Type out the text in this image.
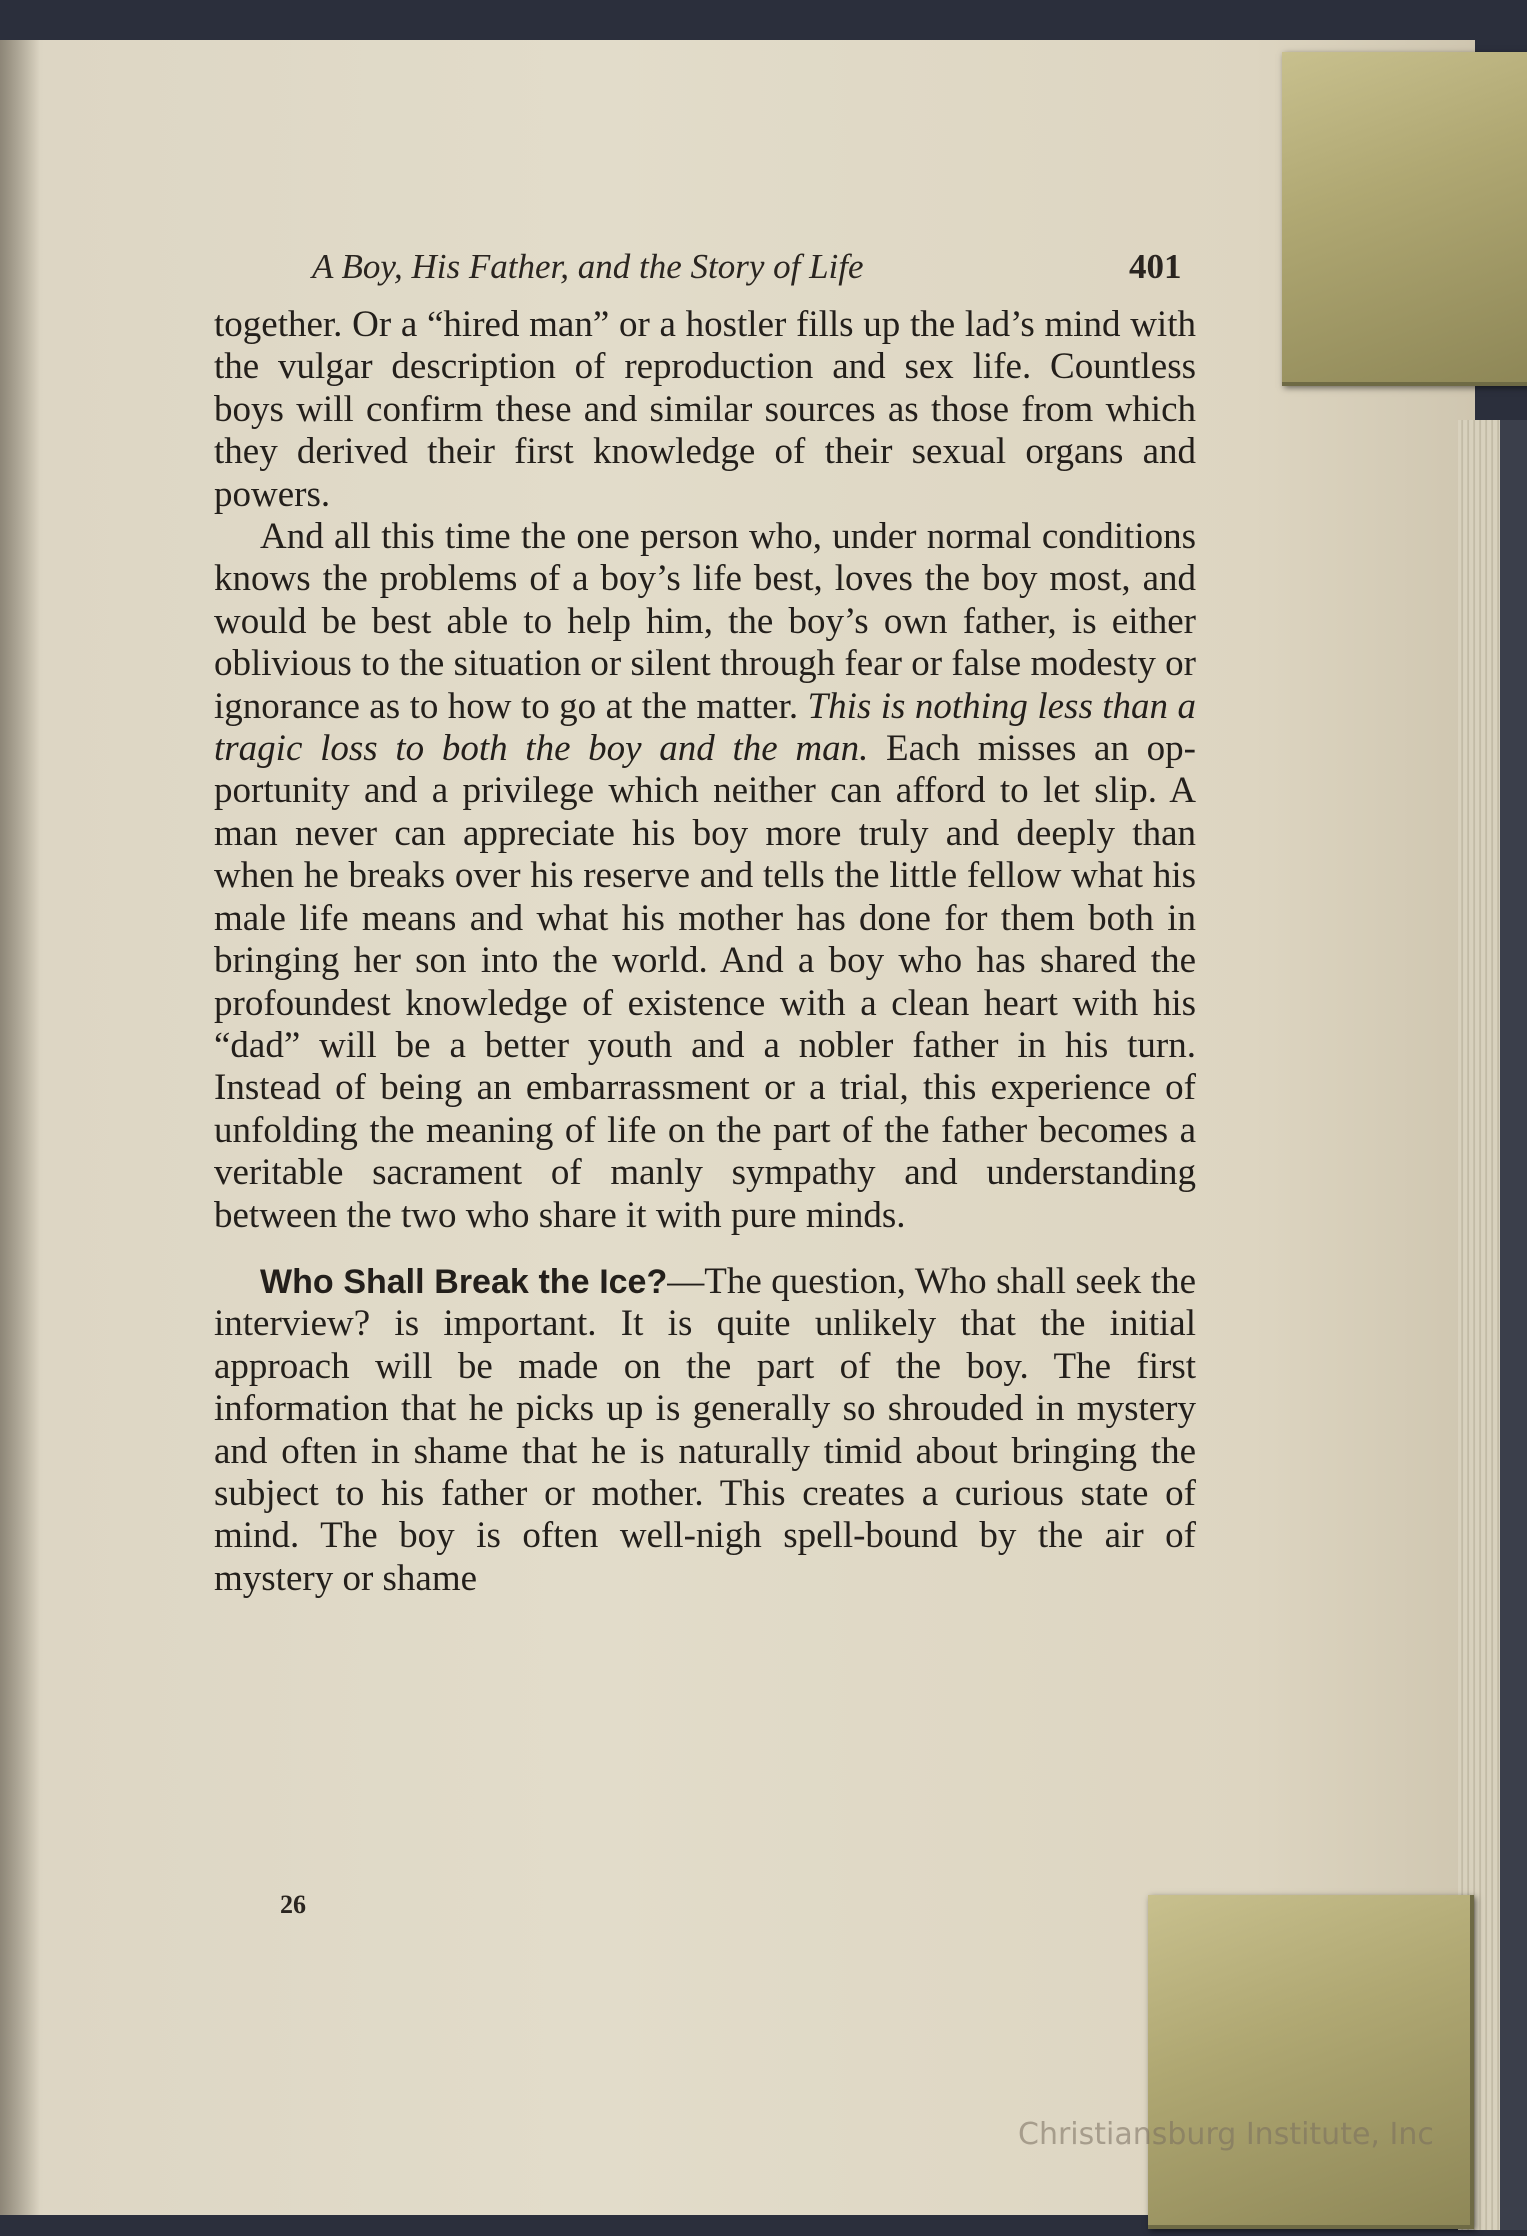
A Boy, His Father, and the Story of Life	401

together. Or a “hired man” or a hostler fills up the lad’s mind with the vulgar description of reproduction and sex life. Countless boys will confirm these and similar sources as those from which they derived their first knowledge of their sexual organs and powers.

And all this time the one person who, under normal conditions knows the problems of a boy’s life best, loves the boy most, and would be best able to help him, the boy’s own father, is either oblivious to the situation or silent through fear or false modesty or ignorance as to how to go at the matter. This is nothing less than a tragic loss to both the boy and the man. Each misses an opportunity and a privilege which neither can afford to let slip. A man never can appreciate his boy more truly and deeply than when he breaks over his reserve and tells the little fellow what his male life means and what his mother has done for them both in bringing her son into the world. And a boy who has shared the profoundest knowledge of existence with a clean heart with his “dad” will be a better youth and a nobler father in his turn. Instead of being an embarrassment or a trial, this experience of unfolding the meaning of life on the part of the father becomes a veritable sacrament of manly sympathy and understanding between the two who share it with pure minds.

Who Shall Break the Ice?—The question, Who shall seek the interview? is important. It is quite unlikely that the initial approach will be made on the part of the boy. The first information that he picks up is generally so shrouded in mystery and often in shame that he is naturally timid about bringing the subject to his father or mother. This creates a curious state of mind. The boy is often well-nigh spell-bound by the air of mystery or shame

26
Christiansburg Institute, Inc
